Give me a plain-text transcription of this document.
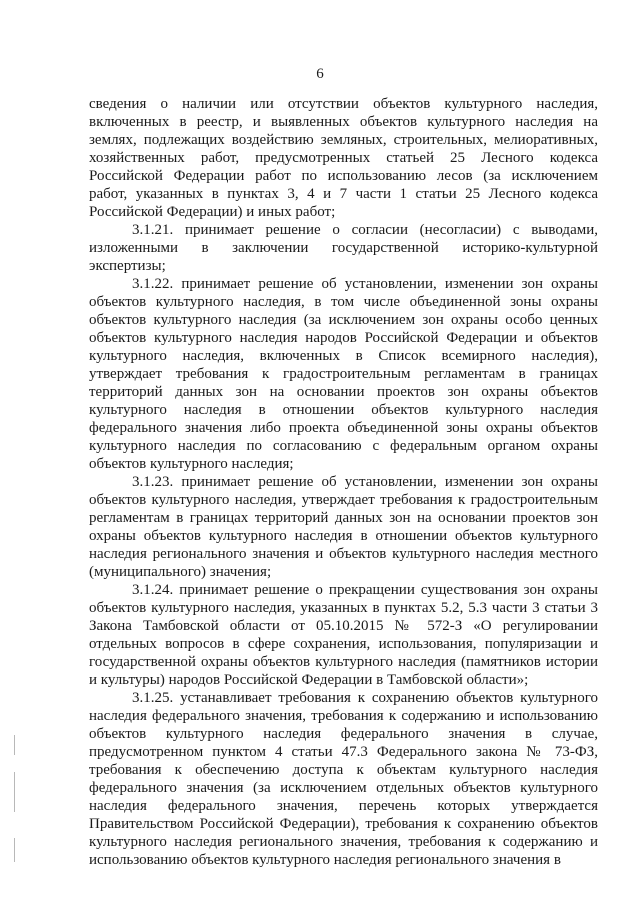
6
сведения о наличии или отсутствии объектов культурного наследия,
включенных в реестр, и выявленных объектов культурного наследия на
землях, подлежащих воздействию земляных, строительных, мелиоративных,
хозяйственных работ, предусмотренных статьей 25 Лесного кодекса
Российской Федерации работ по использованию лесов (за исключением
работ, указанных в пунктах 3, 4 и 7 части 1 статьи 25 Лесного кодекса
Российской Федерации) и иных работ;
3.1.21. принимает решение о согласии (несогласии) с выводами,
изложенными в заключении государственной историко-культурной
экспертизы;
3.1.22. принимает решение об установлении, изменении зон охраны
объектов культурного наследия, в том числе объединенной зоны охраны
объектов культурного наследия (за исключением зон охраны особо ценных
объектов культурного наследия народов Российской Федерации и объектов
культурного наследия, включенных в Список всемирного наследия),
утверждает требования к градостроительным регламентам в границах
территорий данных зон на основании проектов зон охраны объектов
культурного наследия в отношении объектов культурного наследия
федерального значения либо проекта объединенной зоны охраны объектов
культурного наследия по согласованию с федеральным органом охраны
объектов культурного наследия;
3.1.23. принимает решение об установлении, изменении зон охраны
объектов культурного наследия, утверждает требования к градостроительным
регламентам в границах территорий данных зон на основании проектов зон
охраны объектов культурного наследия в отношении объектов культурного
наследия регионального значения и объектов культурного наследия местного
(муниципального) значения;
3.1.24. принимает решение о прекращении существования зон охраны
объектов культурного наследия, указанных в пунктах 5.2, 5.3 части 3 статьи 3
Закона Тамбовской области от 05.10.2015 № 572-З «О регулировании
отдельных вопросов в сфере сохранения, использования, популяризации и
государственной охраны объектов культурного наследия (памятников истории
и культуры) народов Российской Федерации в Тамбовской области»;
3.1.25. устанавливает требования к сохранению объектов культурного
наследия федерального значения, требования к содержанию и использованию
объектов культурного наследия федерального значения в случае,
предусмотренном пунктом 4 статьи 47.3 Федерального закона № 73-ФЗ,
требования к обеспечению доступа к объектам культурного наследия
федерального значения (за исключением отдельных объектов культурного
наследия федерального значения, перечень которых утверждается
Правительством Российской Федерации), требования к сохранению объектов
культурного наследия регионального значения, требования к содержанию и
использованию объектов культурного наследия регионального значения в
